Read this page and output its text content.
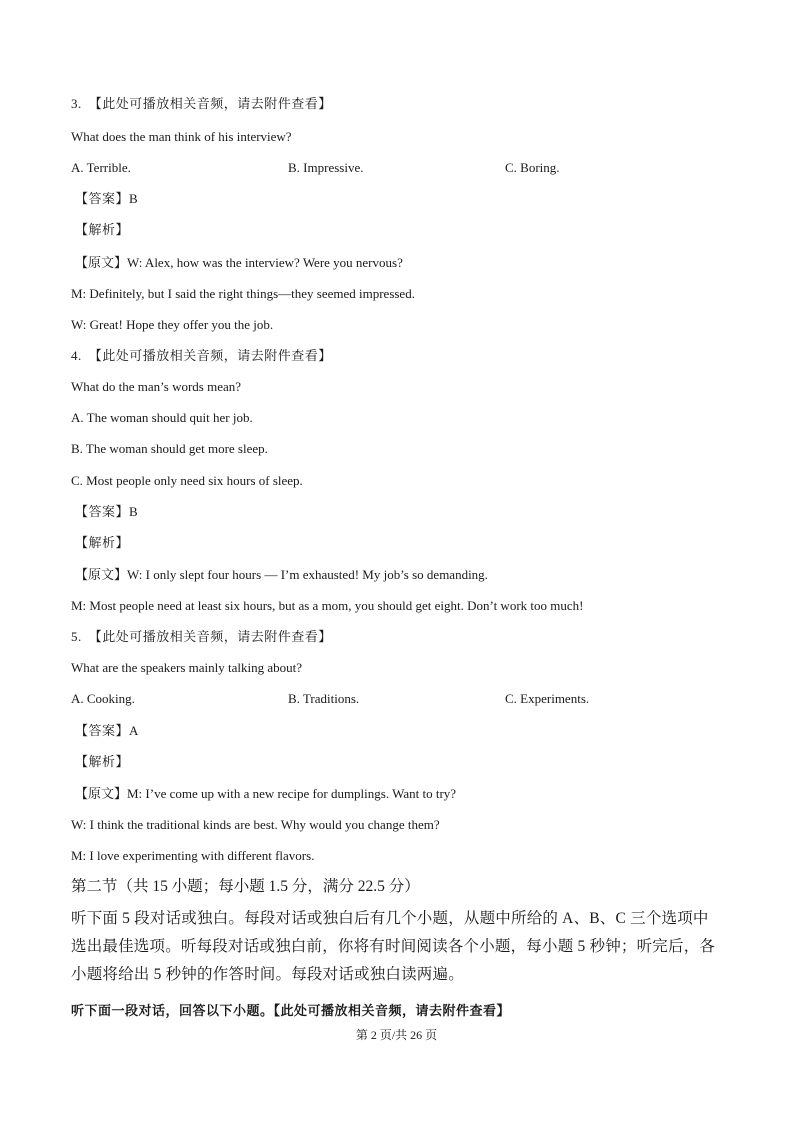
3.　【此处可播放相关音频，请去附件查看】

What does the man think of his interview?

A. Terrible.	B. Impressive.	C. Boring.

【答案】B

【解析】

【原文】W: Alex, how was the interview? Were you nervous?

M: Definitely, but I said the right things—they seemed impressed.

W: Great! Hope they offer you the job.

4.　【此处可播放相关音频，请去附件查看】

What do the man’s words mean?

A. The woman should quit her job.

B. The woman should get more sleep.

C. Most people only need six hours of sleep.

【答案】B

【解析】

【原文】W: I only slept four hours — I’m exhausted! My job’s so demanding.

M: Most people need at least six hours, but as a mom, you should get eight. Don’t work too much!

5.　【此处可播放相关音频，请去附件查看】

What are the speakers mainly talking about?

A. Cooking.	B. Traditions.	C. Experiments.

【答案】A

【解析】

【原文】M: I’ve come up with a new recipe for dumplings. Want to try?

W: I think the traditional kinds are best. Why would you change them?

M: I love experimenting with different flavors.

第二节（共 15 小题；每小题 1.5 分，满分 22.5 分）

听下面 5 段对话或独白。每段对话或独白后有几个小题，从题中所给的 A、B、C 三个选项中选出最佳选项。听每段对话或独白前，你将有时间阅读各个小题，每小题 5 秒钟；听完后，各小题将给出 5 秒钟的作答时间。每段对话或独白读两遍。

听下面一段对话，回答以下小题。【此处可播放相关音频，请去附件查看】

第 2 页/共 26 页
